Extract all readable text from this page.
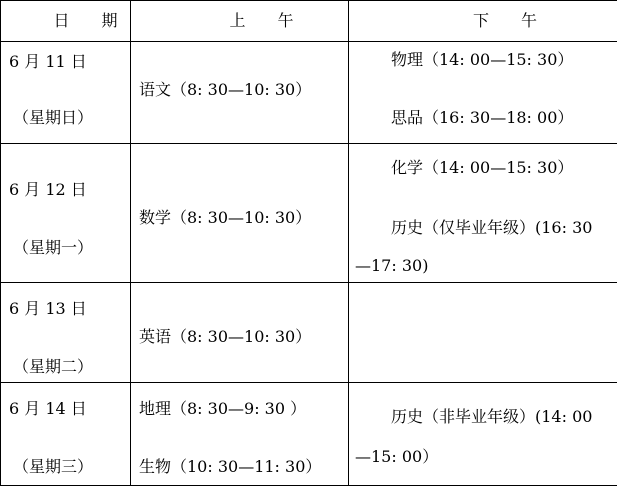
日　　期	上　　午	下　　午

6 月 11 日
（星期日）	语文（8: 30—10: 30）	物理（14: 00—15: 30）
思品（16: 30—18: 00）

6 月 12 日
（星期一）	数学（8: 30—10: 30）	化学（14: 00—15: 30）
历史（仅毕业年级）(16: 30
—17: 30)

6 月 13 日
（星期二）	英语（8: 30—10: 30）	

6 月 14 日
（星期三）	地理（8: 30—9: 30 ）
生物（10: 30—11: 30）	历史（非毕业年级）(14: 00
—15: 00）
